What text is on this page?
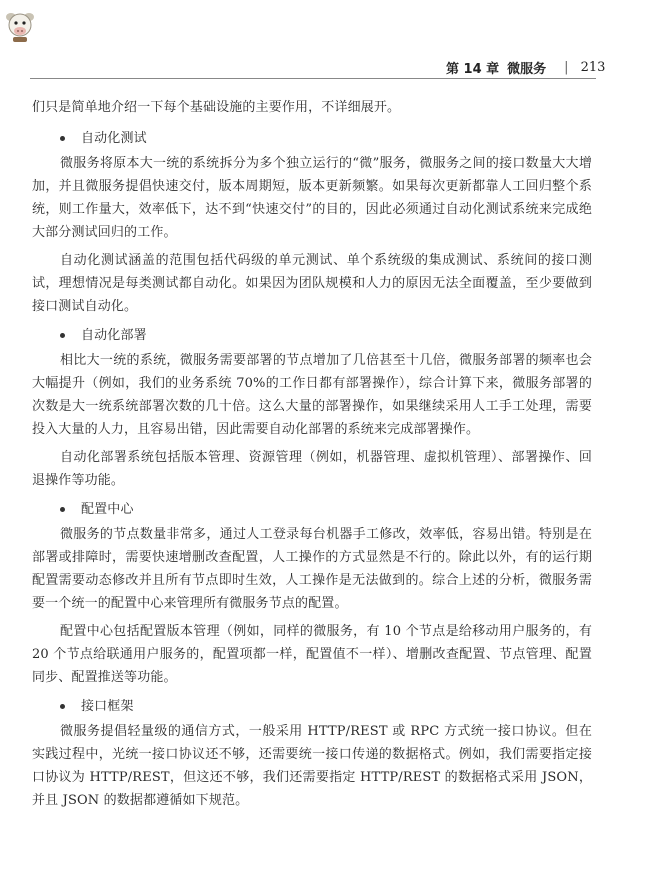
第 14 章 微服务 | 213

们只是简单地介绍一下每个基础设施的主要作用，不详细展开。

自动化测试

微服务将原本大一统的系统拆分为多个独立运行的“微”服务，微服务之间的接口数量大大增加，并且微服务提倡快速交付，版本周期短，版本更新频繁。如果每次更新都靠人工回归整个系统，则工作量大，效率低下，达不到“快速交付”的目的，因此必须通过自动化测试系统来完成绝大部分测试回归的工作。

自动化测试涵盖的范围包括代码级的单元测试、单个系统级的集成测试、系统间的接口测试，理想情况是每类测试都自动化。如果因为团队规模和人力的原因无法全面覆盖，至少要做到接口测试自动化。

自动化部署

相比大一统的系统，微服务需要部署的节点增加了几倍甚至十几倍，微服务部署的频率也会大幅提升（例如，我们的业务系统 70%的工作日都有部署操作），综合计算下来，微服务部署的次数是大一统系统部署次数的几十倍。这么大量的部署操作，如果继续采用人工手工处理，需要投入大量的人力，且容易出错，因此需要自动化部署的系统来完成部署操作。

自动化部署系统包括版本管理、资源管理（例如，机器管理、虚拟机管理）、部署操作、回退操作等功能。

配置中心

微服务的节点数量非常多，通过人工登录每台机器手工修改，效率低，容易出错。特别是在部署或排障时，需要快速增删改查配置，人工操作的方式显然是不行的。除此以外，有的运行期配置需要动态修改并且所有节点即时生效，人工操作是无法做到的。综合上述的分析，微服务需要一个统一的配置中心来管理所有微服务节点的配置。

配置中心包括配置版本管理（例如，同样的微服务，有 10 个节点是给移动用户服务的，有 20 个节点给联通用户服务的，配置项都一样，配置值不一样）、增删改查配置、节点管理、配置同步、配置推送等功能。

接口框架

微服务提倡轻量级的通信方式，一般采用 HTTP/REST 或 RPC 方式统一接口协议。但在实践过程中，光统一接口协议还不够，还需要统一接口传递的数据格式。例如，我们需要指定接口协议为 HTTP/REST，但这还不够，我们还需要指定 HTTP/REST 的数据格式采用 JSON，并且 JSON 的数据都遵循如下规范。
